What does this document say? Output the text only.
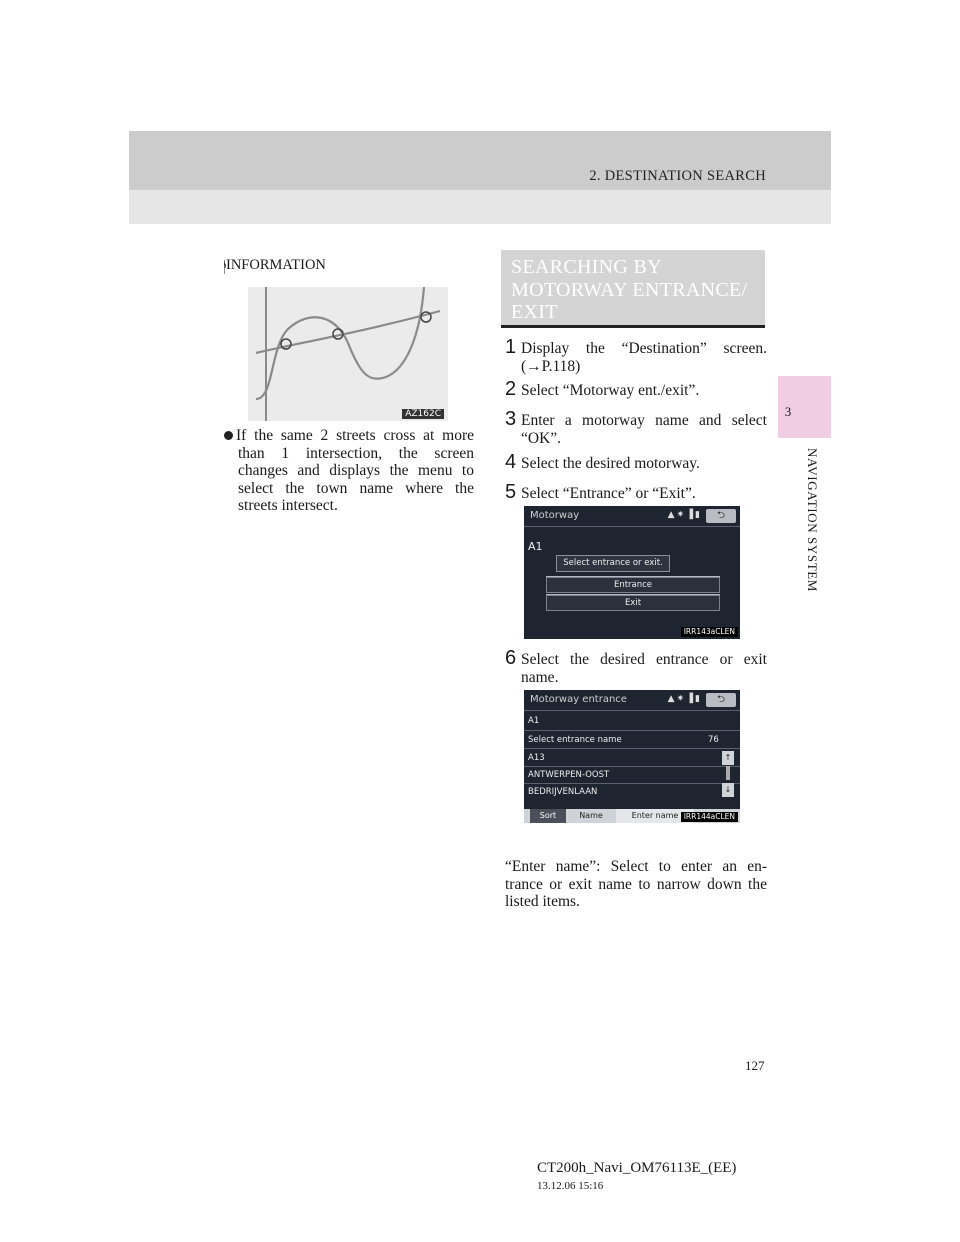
2. DESTINATION SEARCH
3
NAVIGATION SYSTEM
INFORMATION
AZ162C
If the same 2 streets cross at more
than 1 intersection, the screen
changes and displays the menu to
select the town name where the
streets intersect.
SEARCHING BY
MOTORWAY ENTRANCE/
EXIT
1 Display the “Destination” screen.
(→P.118)
2 Select “Motorway ent./exit”.
3 Enter a motorway name and select
“OK”.
4 Select the desired motorway.
5 Select “Entrance” or “Exit”.
Motorway	▲✷▐▮	⮌
A1
Select entrance or exit.
Entrance
Exit
IRR143aCLEN
6 Select the desired entrance or exit
name.
Motorway entrance	▲✷▐▮	⮌
A1
Select entrance name	76
A13	↑
ANTWERPEN-OOST
BEDRIJVENLAAN	↓
Sort	Name	Enter name IRR144aCLEN
“Enter name”: Select to enter an en-
trance or exit name to narrow down the
listed items.
127
CT200h_Navi_OM76113E_(EE)
13.12.06 15:16
